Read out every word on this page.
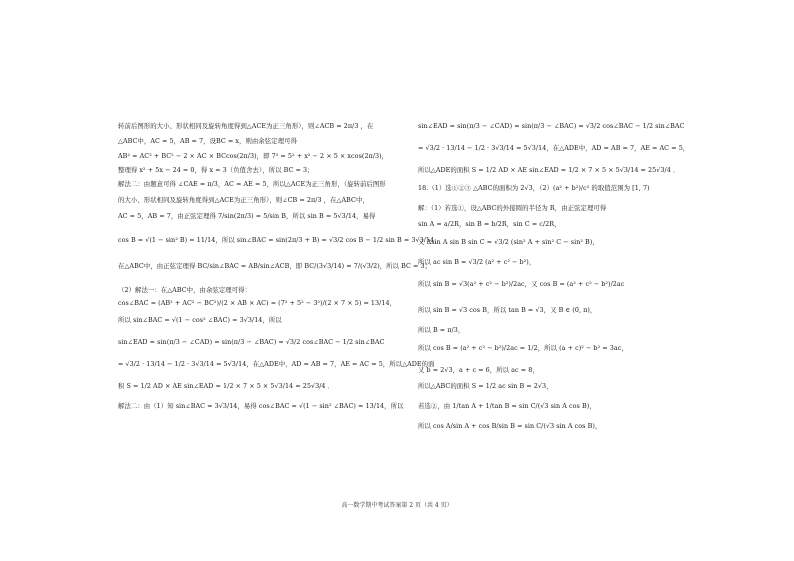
转前后图形的大小、形状相同及旋转角度得到△ACE为正三角形），则∠ACB = 2π/3 ，在
△ABC中，AC = 5，AB = 7，设BC = x，则由余弦定理可得
AB² = AC² + BC² − 2 × AC × BCcos(2π/3)，即 7² = 5² + x² − 2 × 5 × xcos(2π/3)，
整理得 x² + 5x − 24 = 0，得 x = 3（负值舍去），所以 BC = 3；
解法二：由题意可得 ∠CAE = π/3，AC = AE = 5，所以△ACE为正三角形，（旋转前后图形
的大小、形状相同及旋转角度得到△ACE为正三角形），则∠CB = 2π/3 ，在△ABC中，
AC = 5，AB = 7，由正弦定理得 7/sin(2π/3) = 5/sin B，所以 sin B = 5√3/14，易得
cos B = √(1 − sin² B) = 11/14，所以 sin∠BAC = sin(2π/3 + B) = √3/2 cos B − 1/2 sin B = 3√3/14，
在△ABC中，由正弦定理得 BC/sin∠BAC = AB/sin∠ACB，即 BC/(3√3/14) = 7/(√3/2)，所以 BC = 3；
（2）解法一：在△ABC中，由余弦定理可得：
cos∠BAC = (AB² + AC² − BC²)/(2 × AB × AC) = (7² + 5² − 3²)/(2 × 7 × 5) = 13/14，
所以 sin∠BAC = √(1 − cos² ∠BAC) = 3√3/14，所以
sin∠EAD = sin(π/3 − ∠CAD) = sin(π/3 − ∠BAC) = √3/2 cos∠BAC − 1/2 sin∠BAC
= √3/2 · 13/14 − 1/2 · 3√3/14 = 5√3/14，在△ADE中，AD = AB = 7，AE = AC = 5，所以△ADE的面
积 S = 1/2 AD × AE sin∠EAD = 1/2 × 7 × 5 × 5√3/14 = 25√3/4 ．
解法二：由（1）知 sin∠BAC = 3√3/14，易得 cos∠BAC = √(1 − sin² ∠BAC) = 13/14，所以
sin∠EAD = sin(π/3 − ∠CAD) = sin(π/3 − ∠BAC) = √3/2 cos∠BAC − 1/2 sin∠BAC
= √3/2 · 13/14 − 1/2 · 3√3/14 = 5√3/14，在△ADE中，AD = AB = 7，AE = AC = 5，
所以△ADE的面积 S = 1/2 AD × AE sin∠EAD = 1/2 × 7 × 5 × 5√3/14 = 25√3/4 ．
18.（1）选①②③ △ABC的面积为 2√3，（2）(a² + b²)/c² 的取值范围为 [1, 7)
解：（1）若选①，设△ABC的外接圆的半径为 R，由正弦定理可得
sin A = a/2R，sin B = b/2R，sin C = c/2R，
又 Δsin A sin B sin C = √3/2 (sin² A + sin² C − sin² B)，
所以 ac sin B = √3/2 (a² + c² − b²)，
所以 sin B = √3(a² + c² − b²)/2ac，又 cos B = (a² + c² − b²)/2ac
所以 sin B = √3 cos B，所以 tan B = √3，又 B ∈ (0, π)，
所以 B = π/3，
所以 cos B = (a² + c² − b²)/2ac = 1/2，所以 (a + c)² − b² = 3ac，
又 b = 2√3，a + c = 6，所以 ac = 8，
所以△ABC的面积 S = 1/2 ac sin B = 2√3，
若选②，由 1/tan A + 1/tan B = sin C/(√3 sin A cos B)，
所以 cos A/sin A + cos B/sin B = sin C/(√3 sin A cos B)，
高一数学期中考试答案第 2 页（共 4 页）
